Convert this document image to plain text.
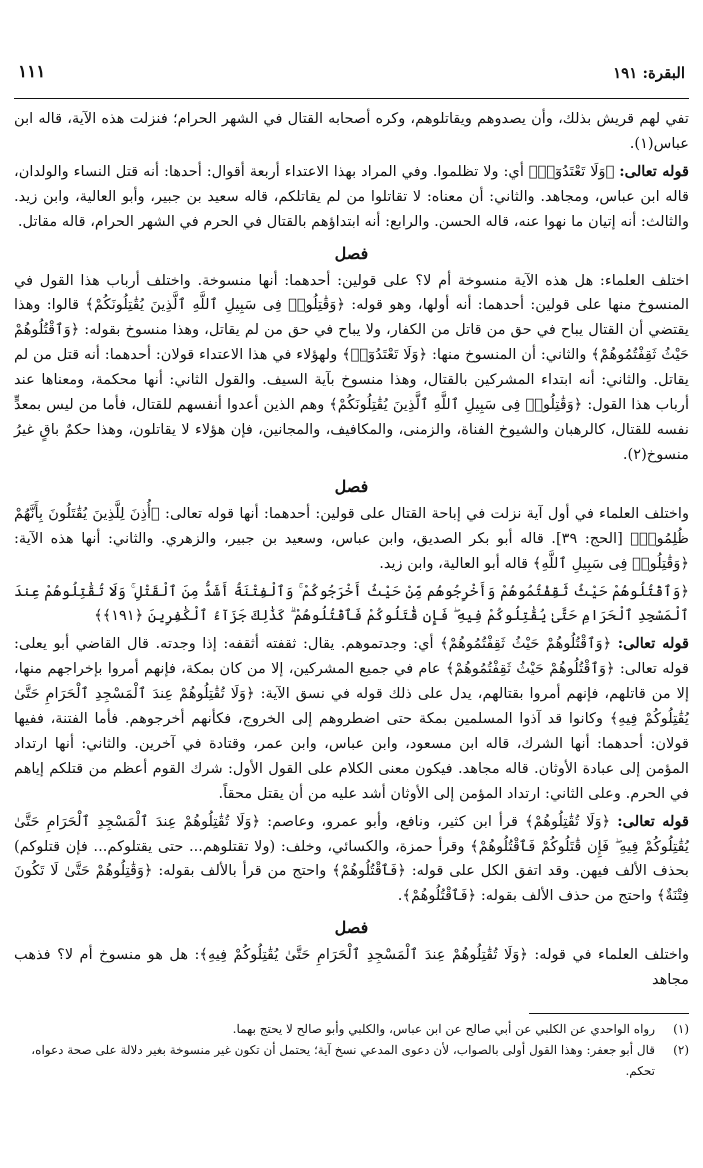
البقرة: ١٩١
١١١

تفي لهم قريش بذلك، وأن يصدوهم ويقاتلوهم، وكره أصحابه القتال في الشهر الحرام؛ فنزلت هذه الآية، قاله ابن عباس(١).

قوله تعالى: ﴿وَلَا تَعْتَدُوٓا۟﴾ أي: ولا تظلموا. وفي المراد بهذا الاعتداء أربعة أقوال: أحدها: أنه قتل النساء والولدان، قاله ابن عباس، ومجاهد. والثاني: أن معناه: لا تقاتلوا من لم يقاتلكم، قاله سعيد بن جبير، وأبو العالية، وابن زيد. والثالث: أنه إتيان ما نهوا عنه، قاله الحسن. والرابع: أنه ابتداؤهم بالقتال في الحرم في الشهر الحرام، قاله مقاتل.

فصل

اختلف العلماء: هل هذه الآية منسوخة أم لا؟ على قولين: أحدهما: أنها منسوخة. واختلف أرباب هذا القول في المنسوخ منها على قولين: أحدهما: أنه أولها، وهو قوله: ﴿وَقَٰتِلُوا۟ فِى سَبِيلِ ٱللَّهِ ٱلَّذِينَ يُقَٰتِلُونَكُمْ﴾ قالوا: وهذا يقتضي أن القتال يباح في حق من قاتل من الكفار، ولا يباح في حق من لم يقاتل، وهذا منسوخ بقوله: ﴿وَٱقْتُلُوهُمْ حَيْثُ ثَقِفْتُمُوهُمْ﴾ والثاني: أن المنسوخ منها: ﴿وَلَا تَعْتَدُوٓا۟﴾ ولهؤلاء في هذا الاعتداء قولان: أحدهما: أنه قتل من لم يقاتل. والثاني: أنه ابتداء المشركين بالقتال، وهذا منسوخ بآية السيف. والقول الثاني: أنها محكمة، ومعناها عند أرباب هذا القول: ﴿وَقَٰتِلُوا۟ فِى سَبِيلِ ٱللَّهِ ٱلَّذِينَ يُقَٰتِلُونَكُمْ﴾ وهم الذين أعدوا أنفسهم للقتال، فأما من ليس بمعدٍّ نفسه للقتال، كالرهبان والشيوخ الفناة، والزمنى، والمكافيف، والمجانين، فإن هؤلاء لا يقاتلون، وهذا حكمٌ باقٍ غيرُ منسوخ(٢).

فصل

واختلف العلماء في أول آية نزلت في إباحة القتال على قولين: أحدهما: أنها قوله تعالى: ﴿أُذِنَ لِلَّذِينَ يُقَٰتَلُونَ بِأَنَّهُمْ ظُلِمُوا۟﴾ [الحج: ٣٩]. قاله أبو بكر الصديق، وابن عباس، وسعيد بن جبير، والزهري. والثاني: أنها هذه الآية: ﴿وَقَٰتِلُوا۟ فِى سَبِيلِ ٱللَّهِ﴾ قاله أبو العالية، وابن زيد.

﴿وَٱقْتُلُوهُمْ حَيْثُ ثَقِفْتُمُوهُمْ وَأَخْرِجُوهُم مِّنْ حَيْثُ أَخْرَجُوكُمْ ۚ وَٱلْفِتْنَةُ أَشَدُّ مِنَ ٱلْقَتْلِ ۚ وَلَا تُقَٰتِلُوهُمْ عِندَ ٱلْمَسْجِدِ ٱلْحَرَامِ حَتَّىٰ يُقَٰتِلُوكُمْ فِيهِ ۖ فَإِن قَٰتَلُوكُمْ فَٱقْتُلُوهُمْ ۗ كَذَٰلِكَ جَزَآءُ ٱلْكَٰفِرِينَ ﴿١٩١﴾﴾

قوله تعالى: ﴿وَٱقْتُلُوهُمْ حَيْثُ ثَقِفْتُمُوهُمْ﴾ أي: وجدتموهم. يقال: ثقفته أثقفه: إذا وجدته. قال القاضي أبو يعلى: قوله تعالى: ﴿وَٱقْتُلُوهُمْ حَيْثُ ثَقِفْتُمُوهُمْ﴾ عام في جميع المشركين، إلا من كان بمكة، فإنهم أمروا بإخراجهم منها، إلا من قاتلهم، فإنهم أمروا بقتالهم، يدل على ذلك قوله في نسق الآية: ﴿وَلَا تُقَٰتِلُوهُمْ عِندَ ٱلْمَسْجِدِ ٱلْحَرَامِ حَتَّىٰ يُقَٰتِلُوكُمْ فِيهِ﴾ وكانوا قد آذوا المسلمين بمكة حتى اضطروهم إلى الخروج، فكأنهم أخرجوهم. فأما الفتنة، ففيها قولان: أحدهما: أنها الشرك، قاله ابن مسعود، وابن عباس، وابن عمر، وقتادة في آخرين. والثاني: أنها ارتداد المؤمن إلى عبادة الأوثان. قاله مجاهد. فيكون معنى الكلام على القول الأول: شرك القوم أعظم من قتلكم إياهم في الحرم. وعلى الثاني: ارتداد المؤمن إلى الأوثان أشد عليه من أن يقتل محقاً.

قوله تعالى: ﴿وَلَا تُقَٰتِلُوهُمْ﴾ قرأ ابن كثير، ونافع، وأبو عمرو، وعاصم: ﴿وَلَا تُقَٰتِلُوهُمْ عِندَ ٱلْمَسْجِدِ ٱلْحَرَامِ حَتَّىٰ يُقَٰتِلُوكُمْ فِيهِ ۖ فَإِن قَٰتَلُوكُمْ فَٱقْتُلُوهُمْ﴾ وقرأ حمزة، والكسائي، وخلف: (ولا تقتلوهم... حتى يقتلوكم... فإن قتلوكم) بحذف الألف فيهن. وقد اتفق الكل على قوله: ﴿فَٱقْتُلُوهُمْ﴾ واحتج من قرأ بالألف بقوله: ﴿وَقَٰتِلُوهُمْ حَتَّىٰ لَا تَكُونَ فِتْنَةٌ﴾ واحتج من حذف الألف بقوله: ﴿فَٱقْتُلُوهُمْ﴾.

فصل

واختلف العلماء في قوله: ﴿وَلَا تُقَٰتِلُوهُمْ عِندَ ٱلْمَسْجِدِ ٱلْحَرَامِ حَتَّىٰ يُقَٰتِلُوكُمْ فِيهِ﴾: هل هو منسوخ أم لا؟ فذهب مجاهد

(١)
رواه الواحدي عن الكلبي عن أبي صالح عن ابن عباس، والكلبي وأبو صالح لا يحتج بهما.
(٢)
قال أبو جعفر: وهذا القول أولى بالصواب، لأن دعوى المدعي نسخ آية؛ يحتمل أن تكون غير منسوخة بغير دلالة على صحة دعواه، تحكم.
